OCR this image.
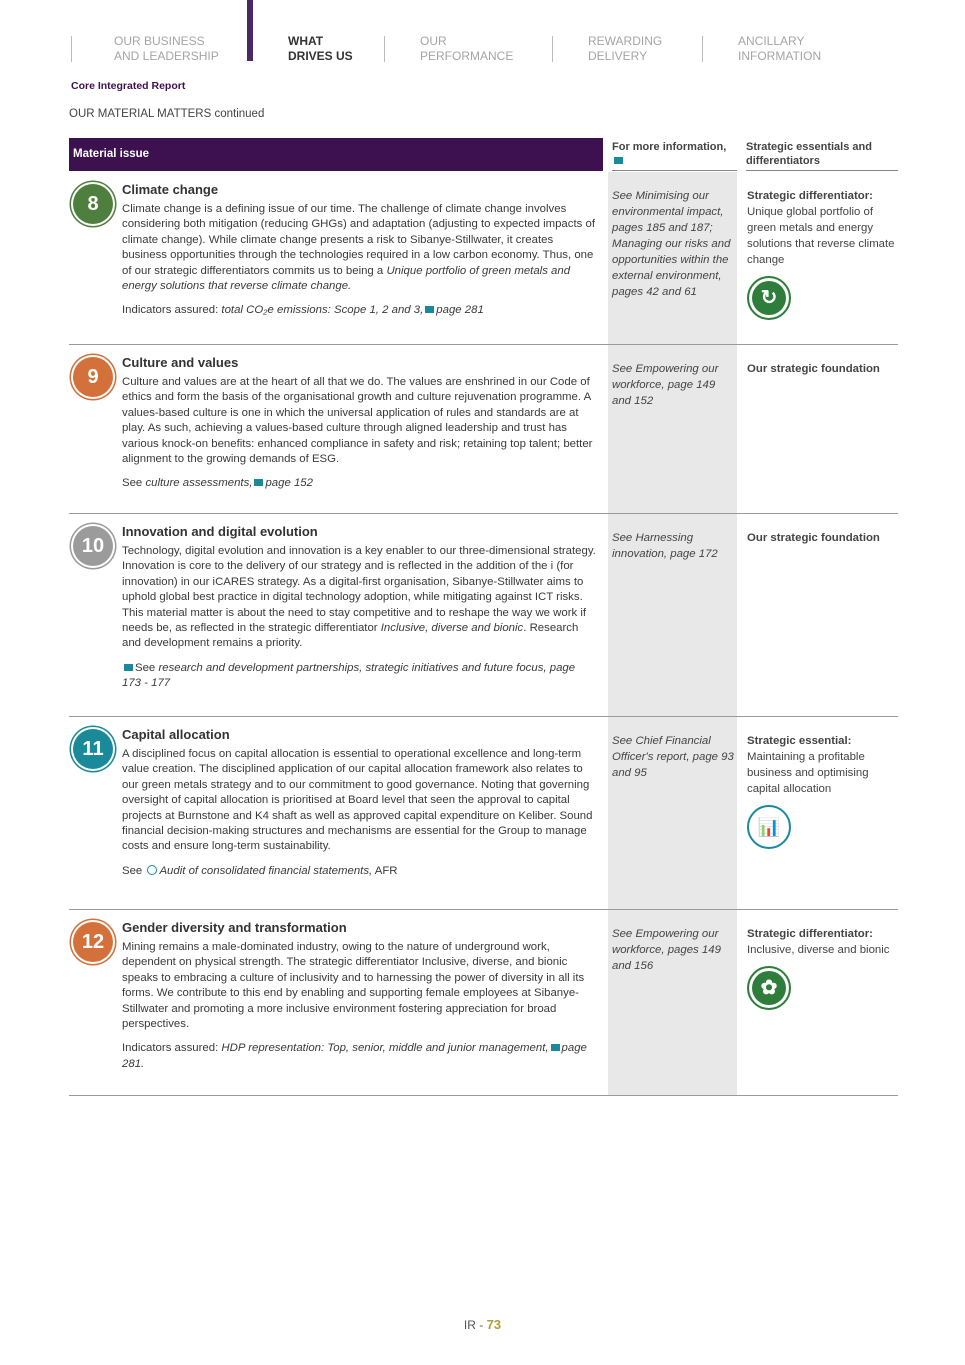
OUR BUSINESS
AND LEADERSHIP
WHAT
DRIVES US
OUR
PERFORMANCE
REWARDING
DELIVERY
ANCILLARY
INFORMATION
Core Integrated Report
OUR MATERIAL MATTERS continued
Material issue
For more information,	Strategic essentials and differentiators
8
Climate change

Climate change is a defining issue of our time. The challenge of climate change involves considering both mitigation (reducing GHGs) and adaptation (adjusting to expected impacts of climate change). While climate change presents a risk to Sibanye-Stillwater, it creates business opportunities through the technologies required in a low carbon economy. Thus, one of our strategic differentiators commits us to being a Unique portfolio of green metals and energy solutions that reverse climate change.

Indicators assured: total CO₂e emissions: Scope 1, 2 and 3, page 281

See Minimising our environmental impact, pages 185 and 187; Managing our risks and opportunities within the external environment, pages 42 and 61
Strategic differentiator:
Unique global portfolio of green metals and energy solutions that reverse climate change
↻
9
Culture and values

Culture and values are at the heart of all that we do. The values are enshrined in our Code of ethics and form the basis of the organisational growth and culture rejuvenation programme. A values-based culture is one in which the universal application of rules and standards are at play. As such, achieving a values-based culture through aligned leadership and trust has various knock-on benefits: enhanced compliance in safety and risk; retaining top talent; better alignment to the growing demands of ESG.

See culture assessments, page 152

See Empowering our workforce, page 149 and 152
Our strategic foundation
10
Innovation and digital evolution

Technology, digital evolution and innovation is a key enabler to our three-dimensional strategy. Innovation is core to the delivery of our strategy and is reflected in the addition of the i (for innovation) in our iCARES strategy. As a digital-first organisation, Sibanye-Stillwater aims to uphold global best practice in digital technology adoption, while mitigating against ICT risks. This material matter is about the need to stay competitive and to reshape the way we work if needs be, as reflected in the strategic differentiator Inclusive, diverse and bionic. Research and development remains a priority.

See research and development partnerships, strategic initiatives and future focus, page 173 - 177

See Harnessing innovation, page 172
Our strategic foundation
11
Capital allocation

A disciplined focus on capital allocation is essential to operational excellence and long-term value creation. The disciplined application of our capital allocation framework also relates to our green metals strategy and to our commitment to good governance. Noting that governing oversight of capital allocation is prioritised at Board level that seen the approval to capital projects at Burnstone and K4 shaft as well as approved capital expenditure on Keliber. Sound financial decision-making structures and mechanisms are essential for the Group to manage costs and ensure long-term sustainability.

See Audit of consolidated financial statements, AFR

See Chief Financial Officer's report, page 93 and 95
Strategic essential:
Maintaining a profitable business and optimising capital allocation
📊
12
Gender diversity and transformation

Mining remains a male-dominated industry, owing to the nature of underground work, dependent on physical strength. The strategic differentiator Inclusive, diverse, and bionic speaks to embracing a culture of inclusivity and to harnessing the power of diversity in all its forms. We contribute to this end by enabling and supporting female employees at Sibanye-Stillwater and promoting a more inclusive environment fostering appreciation for broad perspectives.

Indicators assured: HDP representation: Top, senior, middle and junior management, page 281.

See Empowering our workforce, pages 149 and 156
Strategic differentiator:
Inclusive, diverse and bionic
✿
IR - 73
